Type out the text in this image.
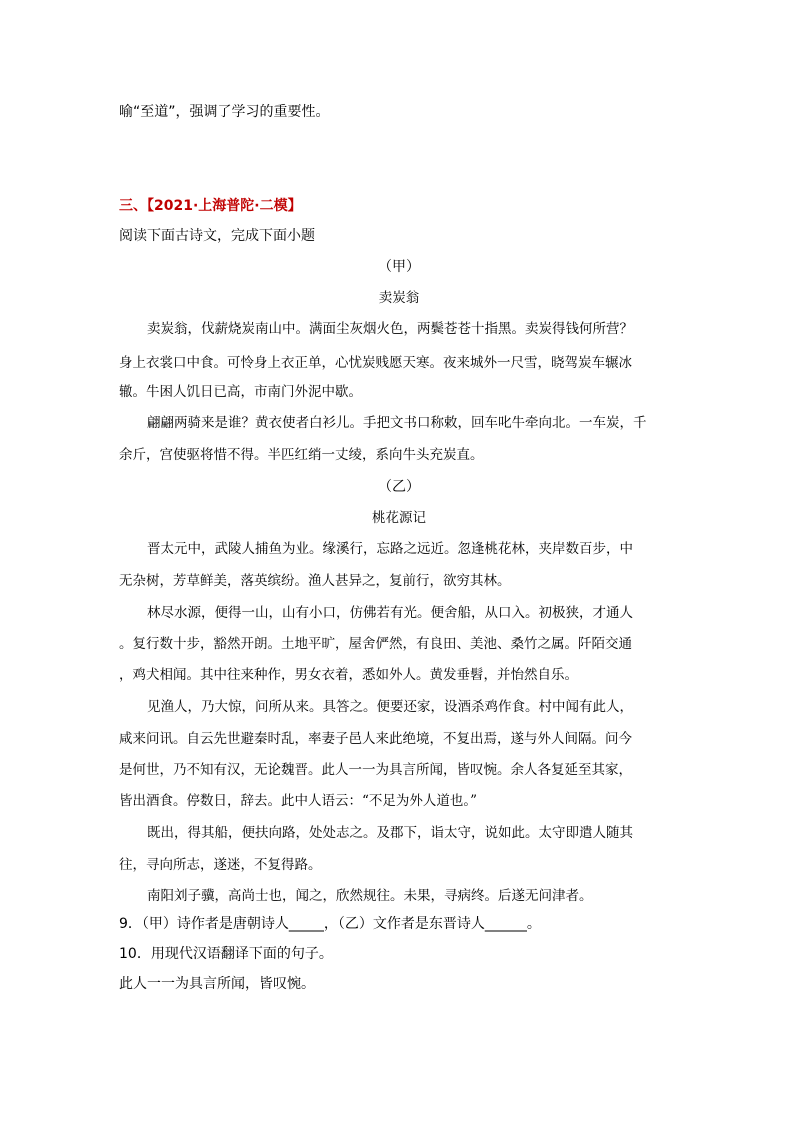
喻“至道”，强调了学习的重要性。
三、【2021·上海普陀·二模】
阅读下面古诗文，完成下面小题
（甲）
卖炭翁
卖炭翁，伐薪烧炭南山中。满面尘灰烟火色，两鬓苍苍十指黑。卖炭得钱何所营？
身上衣裳口中食。可怜身上衣正单，心忧炭贱愿天寒。夜来城外一尺雪，晓驾炭车辗冰
辙。牛困人饥日已高，市南门外泥中歇。
翩翩两骑来是谁？黄衣使者白衫儿。手把文书口称敕，回车叱牛牵向北。一车炭，千
余斤，宫使驱将惜不得。半匹红绡一丈绫，系向牛头充炭直。
（乙）
桃花源记
晋太元中，武陵人捕鱼为业。缘溪行，忘路之远近。忽逢桃花林，夹岸数百步，中
无杂树，芳草鲜美，落英缤纷。渔人甚异之，复前行，欲穷其林。
林尽水源，便得一山，山有小口，仿佛若有光。便舍船，从口入。初极狭，才通人
。复行数十步，豁然开朗。土地平旷，屋舍俨然，有良田、美池、桑竹之属。阡陌交通
，鸡犬相闻。其中往来种作，男女衣着，悉如外人。黄发垂髫，并怡然自乐。
见渔人，乃大惊，问所从来。具答之。便要还家，设酒杀鸡作食。村中闻有此人，
咸来问讯。自云先世避秦时乱，率妻子邑人来此绝境，不复出焉，遂与外人间隔。问今
是何世，乃不知有汉，无论魏晋。此人一一为具言所闻，皆叹惋。余人各复延至其家，
皆出酒食。停数日，辞去。此中人语云：“不足为外人道也。”
既出，得其船，便扶向路，处处志之。及郡下，诣太守，说如此。太守即遣人随其
往，寻向所志，遂迷，不复得路。
南阳刘子骥，高尚士也，闻之，欣然规往。未果，寻病终。后遂无问津者。
9．（甲）诗作者是唐朝诗人_____，（乙）文作者是东晋诗人______。
10．用现代汉语翻译下面的句子。
此人一一为具言所闻，皆叹惋。
